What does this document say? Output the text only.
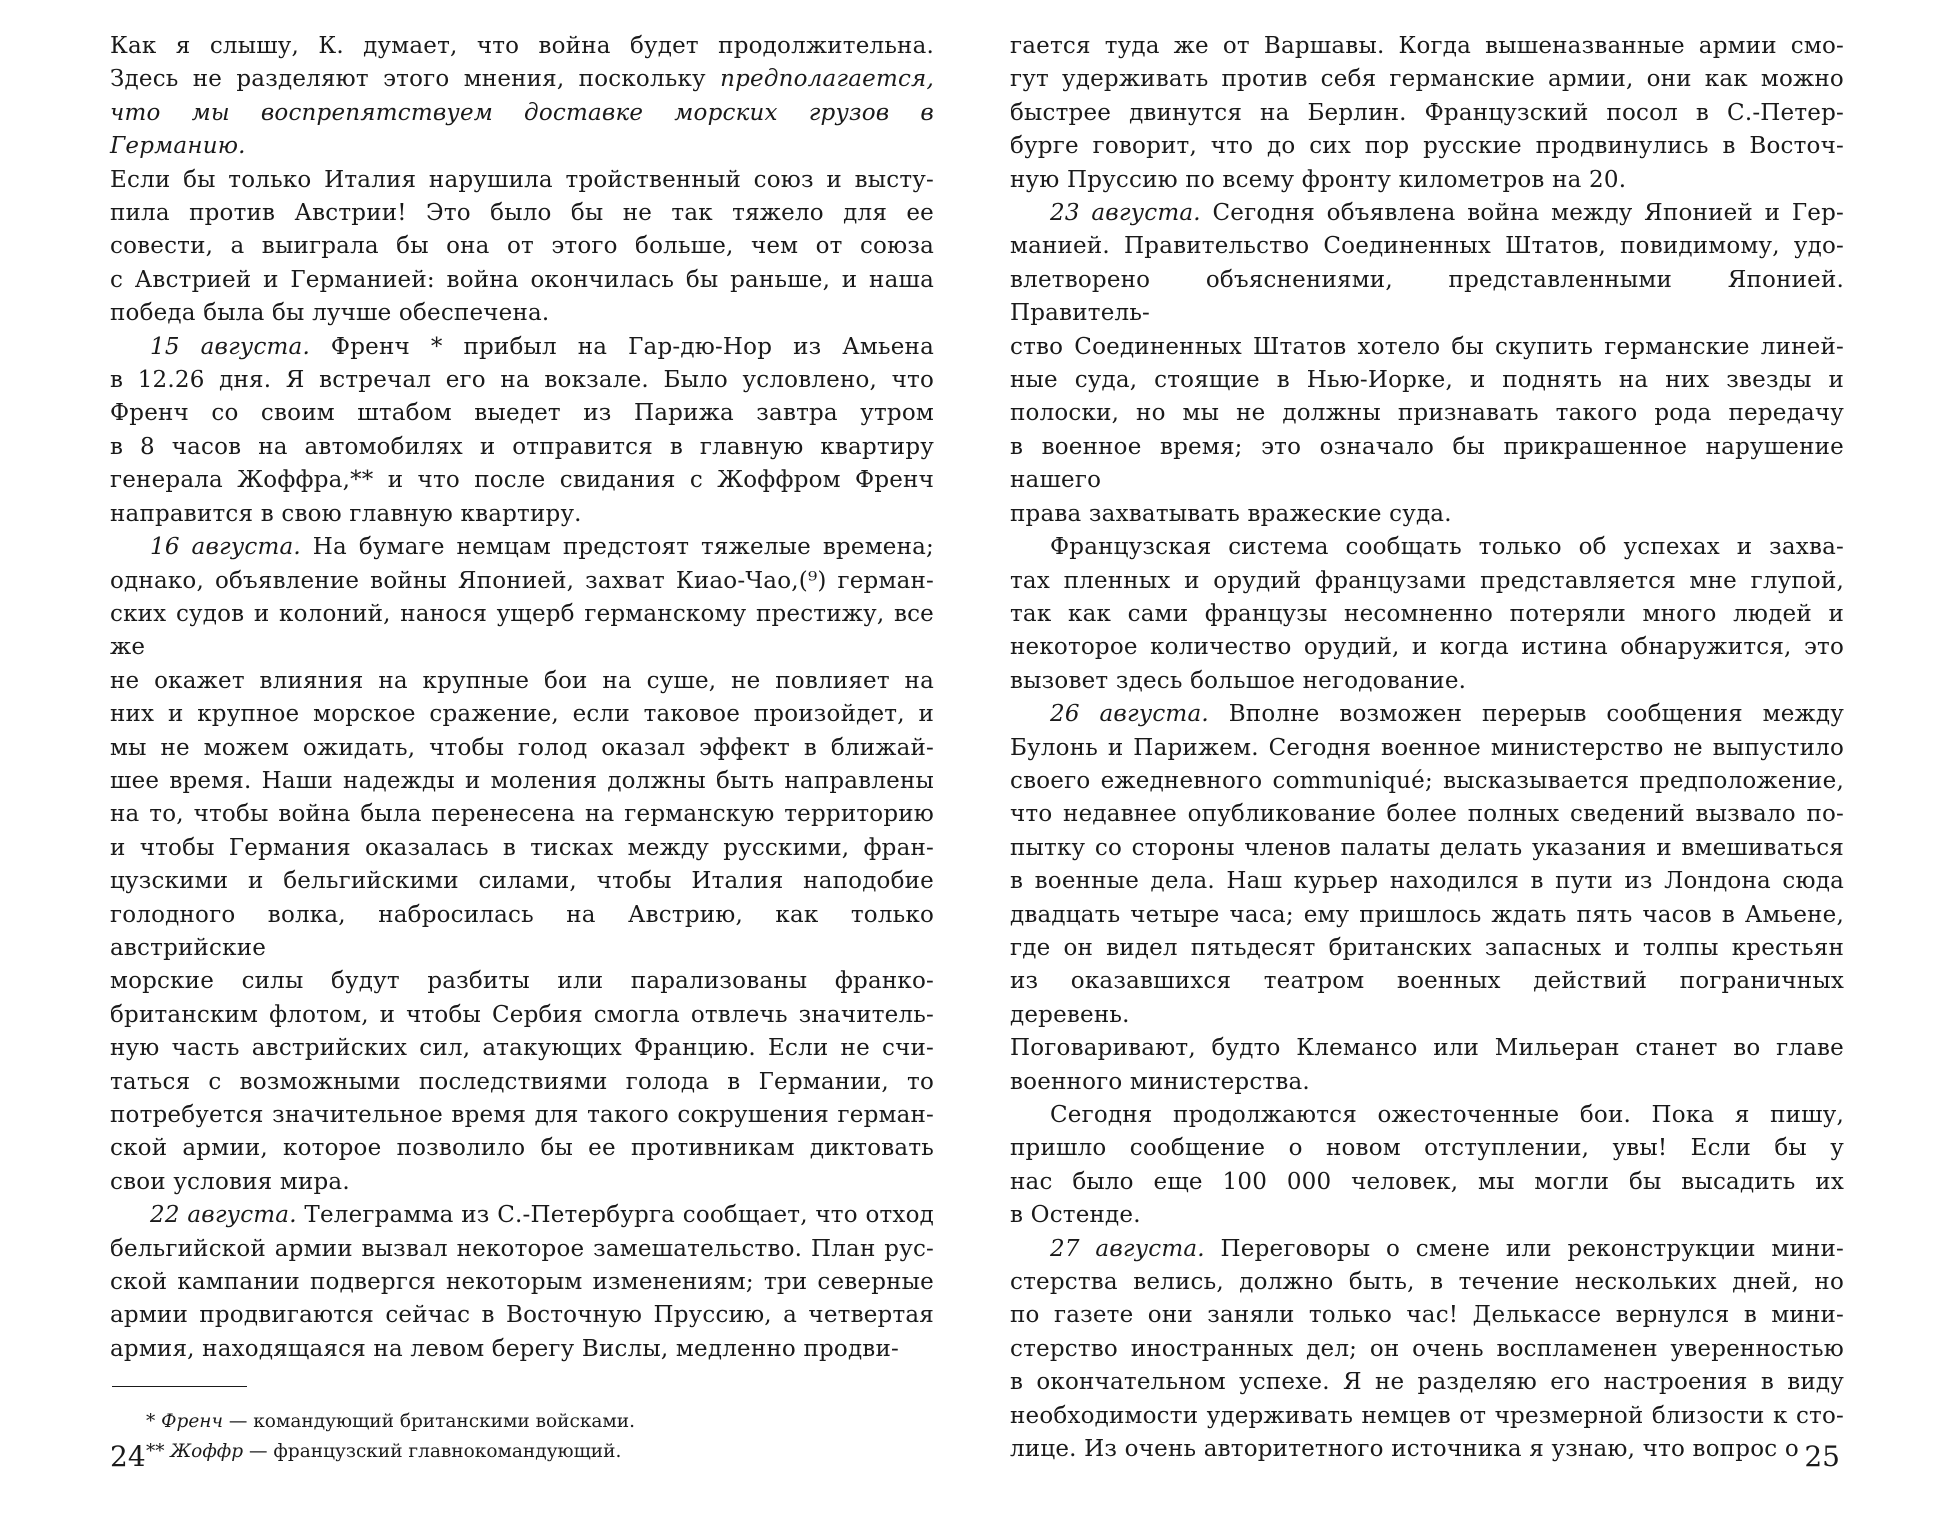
Как я слышу, К. думает, что война будет продолжительна.

Здесь не разделяют этого мнения, поскольку предполагается,

что мы воспрепятствуем доставке морских грузов в Германию.

Если бы только Италия нарушила тройственный союз и высту-

пила против Австрии! Это было бы не так тяжело для ее

совести, а выиграла бы она от этого больше, чем от союза

с Австрией и Германией: война окончилась бы раньше, и наша

победа была бы лучше обеспечена.

15 августа. Френч * прибыл на Гар-дю-Нор из Амьена

в 12.26 дня. Я встречал его на вокзале. Было условлено, что

Френч со своим штабом выедет из Парижа завтра утром

в 8 часов на автомобилях и отправится в главную квартиру

генерала Жоффра,** и что после свидания с Жоффром Френч

направится в свою главную квартиру.

16 августа. На бумаге немцам предстоят тяжелые времена;

однако, объявление войны Японией, захват Киао-Чао,(⁹) герман-

ских судов и колоний, нанося ущерб германскому престижу, все же

не окажет влияния на крупные бои на суше, не повлияет на

них и крупное морское сражение, если таковое произойдет, и

мы не можем ожидать, чтобы голод оказал эффект в ближай-

шее время. Наши надежды и моления должны быть направлены

на то, чтобы война была перенесена на германскую территорию

и чтобы Германия оказалась в тисках между русскими, фран-

цузскими и бельгийскими силами, чтобы Италия наподобие

голодного волка, набросилась на Австрию, как только австрийские

морские силы будут разбиты или парализованы франко-

британским флотом, и чтобы Сербия смогла отвлечь значитель-

ную часть австрийских сил, атакующих Францию. Если не счи-

таться с возможными последствиями голода в Германии, то

потребуется значительное время для такого сокрушения герман-

ской армии, которое позволило бы ее противникам диктовать

свои условия мира.

22 августа. Телеграмма из С.-Петербурга сообщает, что отход

бельгийской армии вызвал некоторое замешательство. План рус-

ской кампании подвергся некоторым изменениям; три северные

армии продвигаются сейчас в Восточную Пруссию, а четвертая

армия, находящаяся на левом берегу Вислы, медленно продви-

* Френч — командующий британскими войсками.
** Жоффр — французский главнокомандующий.
24

гается туда же от Варшавы. Когда вышеназванные армии смо-

гут удерживать против себя германские армии, они как можно

быстрее двинутся на Берлин. Французский посол в С.-Петер-

бурге говорит, что до сих пор русские продвинулись в Восточ-

ную Пруссию по всему фронту километров на 20.

23 августа. Сегодня объявлена война между Японией и Гер-

манией. Правительство Соединенных Штатов, повидимому, удо-

влетворено объяснениями, представленными Японией. Правитель-

ство Соединенных Штатов хотело бы скупить германские линей-

ные суда, стоящие в Нью-Иорке, и поднять на них звезды и

полоски, но мы не должны признавать такого рода передачу

в военное время; это означало бы прикрашенное нарушение нашего

права захватывать вражеские суда.

Французская система сообщать только об успехах и захва-

тах пленных и орудий французами представляется мне глупой,

так как сами французы несомненно потеряли много людей и

некоторое количество орудий, и когда истина обнаружится, это

вызовет здесь большое негодование.

26 августа. Вполне возможен перерыв сообщения между

Булонь и Парижем. Сегодня военное министерство не выпустило

своего ежедневного communiqué; высказывается предположение,

что недавнее опубликование более полных сведений вызвало по-

пытку со стороны членов палаты делать указания и вмешиваться

в военные дела. Наш курьер находился в пути из Лондона сюда

двадцать четыре часа; ему пришлось ждать пять часов в Амьене,

где он видел пятьдесят британских запасных и толпы крестьян

из оказавшихся театром военных действий пограничных деревень.

Поговаривают, будто Клемансо или Мильеран станет во главе

военного министерства.

Сегодня продолжаются ожесточенные бои. Пока я пишу,

пришло сообщение о новом отступлении, увы! Если бы у

нас было еще 100 000 человек, мы могли бы высадить их

в Остенде.

27 августа. Переговоры о смене или реконструкции мини-

стерства велись, должно быть, в течение нескольких дней, но

по газете они заняли только час! Делькассе вернулся в мини-

стерство иностранных дел; он очень воспламенен уверенностью

в окончательном успехе. Я не разделяю его настроения в виду

необходимости удерживать немцев от чрезмерной близости к сто-

лице. Из очень авторитетного источника я узнаю, что вопрос о 25
